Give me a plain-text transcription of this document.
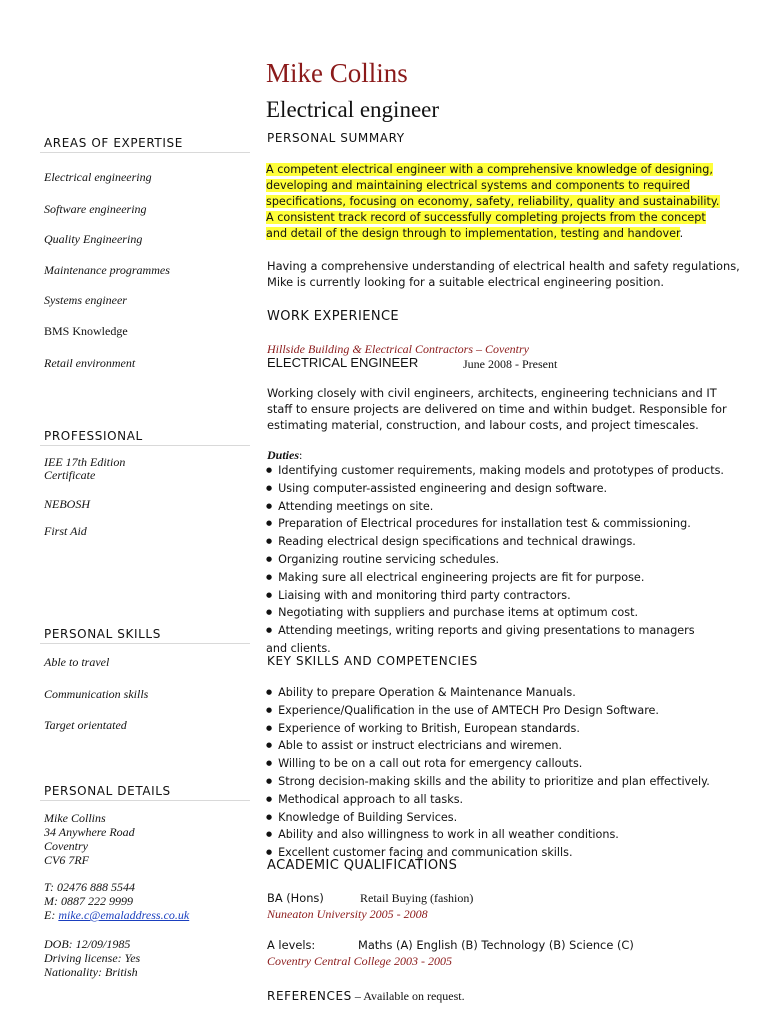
Mike Collins
Electrical engineer
AREAS OF EXPERTISE
Electrical engineering
Software engineering
Quality Engineering
Maintenance programmes
Systems engineer
BMS Knowledge
Retail environment
PROFESSIONAL
IEE 17th Edition
Certificate
NEBOSH
First Aid
PERSONAL SKILLS
Able to travel
Communication skills
Target orientated
PERSONAL DETAILS
Mike Collins
34 Anywhere Road
Coventry
CV6 7RF
T: 02476 888 5544
M: 0887 222 9999
E: mike.c@emaladdress.co.uk
DOB: 12/09/1985
Driving license: Yes
Nationality: British
PERSONAL SUMMARY
A competent electrical engineer with a comprehensive knowledge of designing, developing and maintaining electrical systems and components to required specifications, focusing on economy, safety, reliability, quality and sustainability. A consistent track record of successfully completing projects from the concept and detail of the design through to implementation, testing and handover.
Having a comprehensive understanding of electrical health and safety regulations,
Mike is currently looking for a suitable electrical engineering position.
WORK EXPERIENCE
Hillside Building & Electrical Contractors – Coventry
ELECTRICAL ENGINEER	June 2008 - Present
Working closely with civil engineers, architects, engineering technicians and IT
staff to ensure projects are delivered on time and within budget. Responsible for
estimating material, construction, and labour costs, and project timescales.
Duties:
● Identifying customer requirements, making models and prototypes of products.
● Using computer-assisted engineering and design software.
● Attending meetings on site.
● Preparation of Electrical procedures for installation test & commissioning.
● Reading electrical design specifications and technical drawings.
● Organizing routine servicing schedules.
● Making sure all electrical engineering projects are fit for purpose.
● Liaising with and monitoring third party contractors.
● Negotiating with suppliers and purchase items at optimum cost.
● Attending meetings, writing reports and giving presentations to managers and clients.
KEY SKILLS AND COMPETENCIES
● Ability to prepare Operation & Maintenance Manuals.
● Experience/Qualification in the use of AMTECH Pro Design Software.
● Experience of working to British, European standards.
● Able to assist or instruct electricians and wiremen.
● Willing to be on a call out rota for emergency callouts.
● Strong decision-making skills and the ability to prioritize and plan effectively.
● Methodical approach to all tasks.
● Knowledge of Building Services.
● Ability and also willingness to work in all weather conditions.
● Excellent customer facing and communication skills.
ACADEMIC QUALIFICATIONS
BA (Hons)	Retail Buying (fashion)
Nuneaton University 2005 - 2008
A levels:	Maths (A) English (B) Technology (B) Science (C)
Coventry Central College 2003 - 2005
REFERENCES – Available on request.
